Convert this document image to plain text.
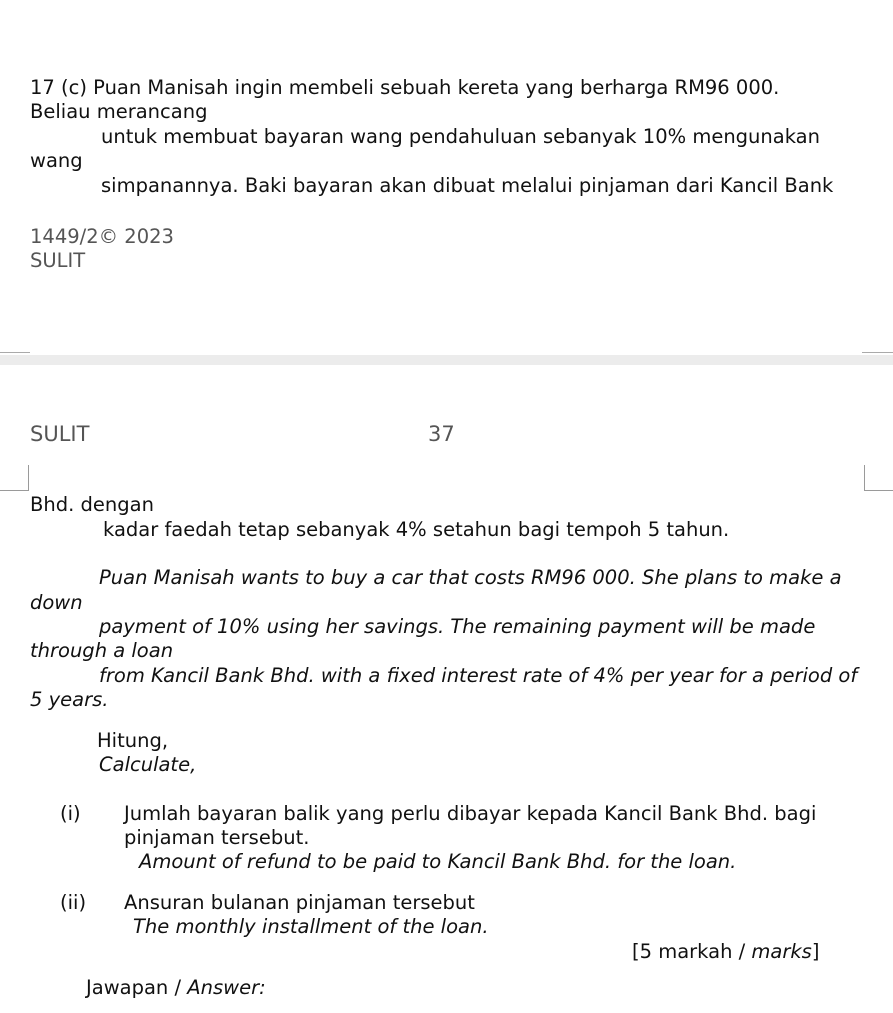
17 (c) Puan Manisah ingin membeli sebuah kereta yang berharga RM96 000.
Beliau merancang
untuk membuat bayaran wang pendahuluan sebanyak 10% mengunakan
wang
simpanannya. Baki bayaran akan dibuat melalui pinjaman dari Kancil Bank
1449/2© 2023
SULIT
SULIT	37
Bhd. dengan
kadar faedah tetap sebanyak 4% setahun bagi tempoh 5 tahun.
Puan Manisah wants to buy a car that costs RM96 000. She plans to make a
down
payment of 10% using her savings. The remaining payment will be made
through a loan
from Kancil Bank Bhd. with a fixed interest rate of 4% per year for a period of
5 years.
Hitung,
Calculate,
(i) Jumlah bayaran balik yang perlu dibayar kepada Kancil Bank Bhd. bagi
pinjaman tersebut.
Amount of refund to be paid to Kancil Bank Bhd. for the loan.
(ii) Ansuran bulanan pinjaman tersebut
The monthly installment of the loan.
[5 markah / marks]
Jawapan / Answer:
